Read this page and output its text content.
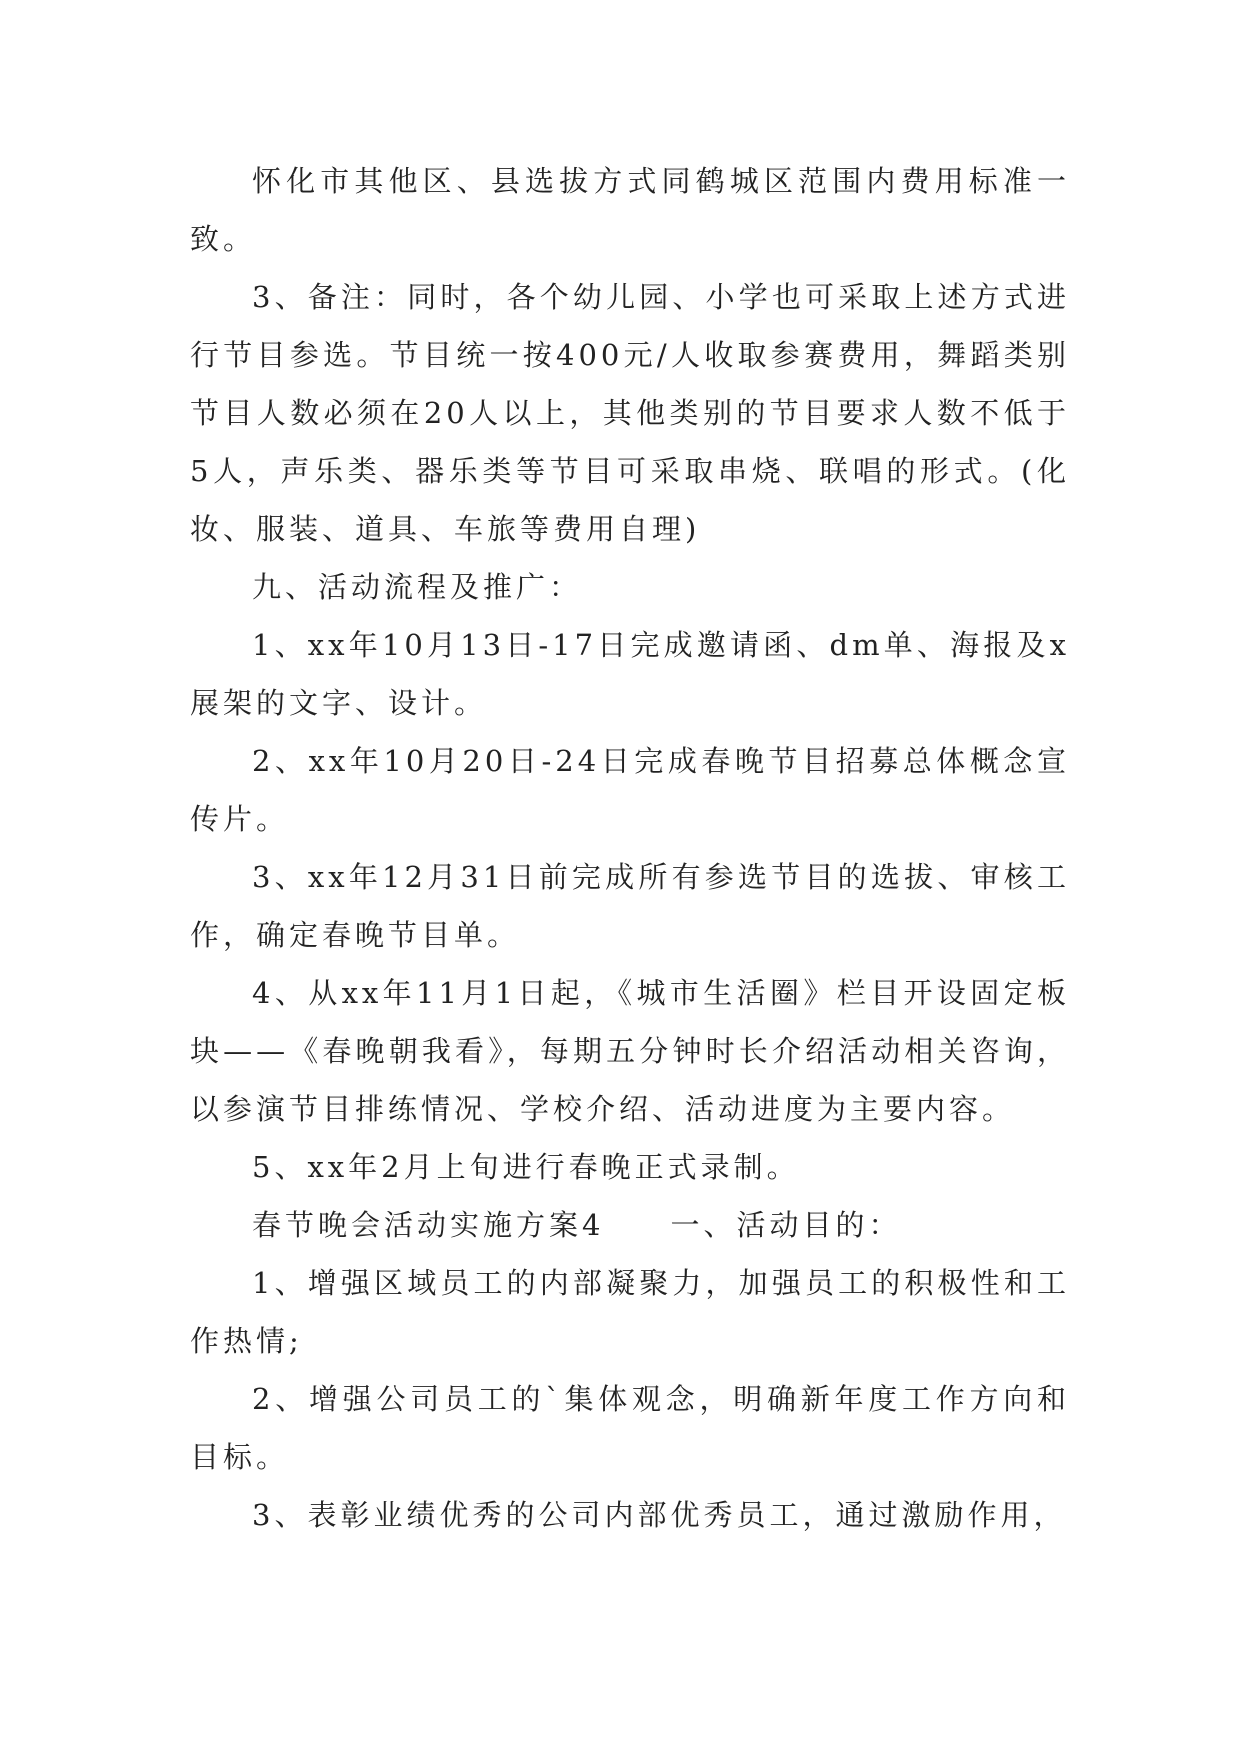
怀化市其他区、县选拔方式同鹤城区范围内费用标准一致。

3、备注：同时，各个幼儿园、小学也可采取上述方式进行节目参选。节目统一按400元/人收取参赛费用，舞蹈类别节目人数必须在20人以上，其他类别的节目要求人数不低于5人，声乐类、器乐类等节目可采取串烧、联唱的形式。(化妆、服装、道具、车旅等费用自理)

九、活动流程及推广：

1、xx年10月13日-17日完成邀请函、dm单、海报及x展架的文字、设计。

2、xx年10月20日-24日完成春晚节目招募总体概念宣传片。

3、xx年12月31日前完成所有参选节目的选拔、审核工作，确定春晚节目单。

4、从xx年11月1日起，《城市生活圈》栏目开设固定板块——《春晚朝我看》，每期五分钟时长介绍活动相关咨询，以参演节目排练情况、学校介绍、活动进度为主要内容。

5、xx年2月上旬进行春晚正式录制。

春节晚会活动实施方案4 一、活动目的：

1、增强区域员工的内部凝聚力，加强员工的积极性和工作热情;

2、增强公司员工的`集体观念，明确新年度工作方向和目标。

3、表彰业绩优秀的公司内部优秀员工，通过激励作用，
